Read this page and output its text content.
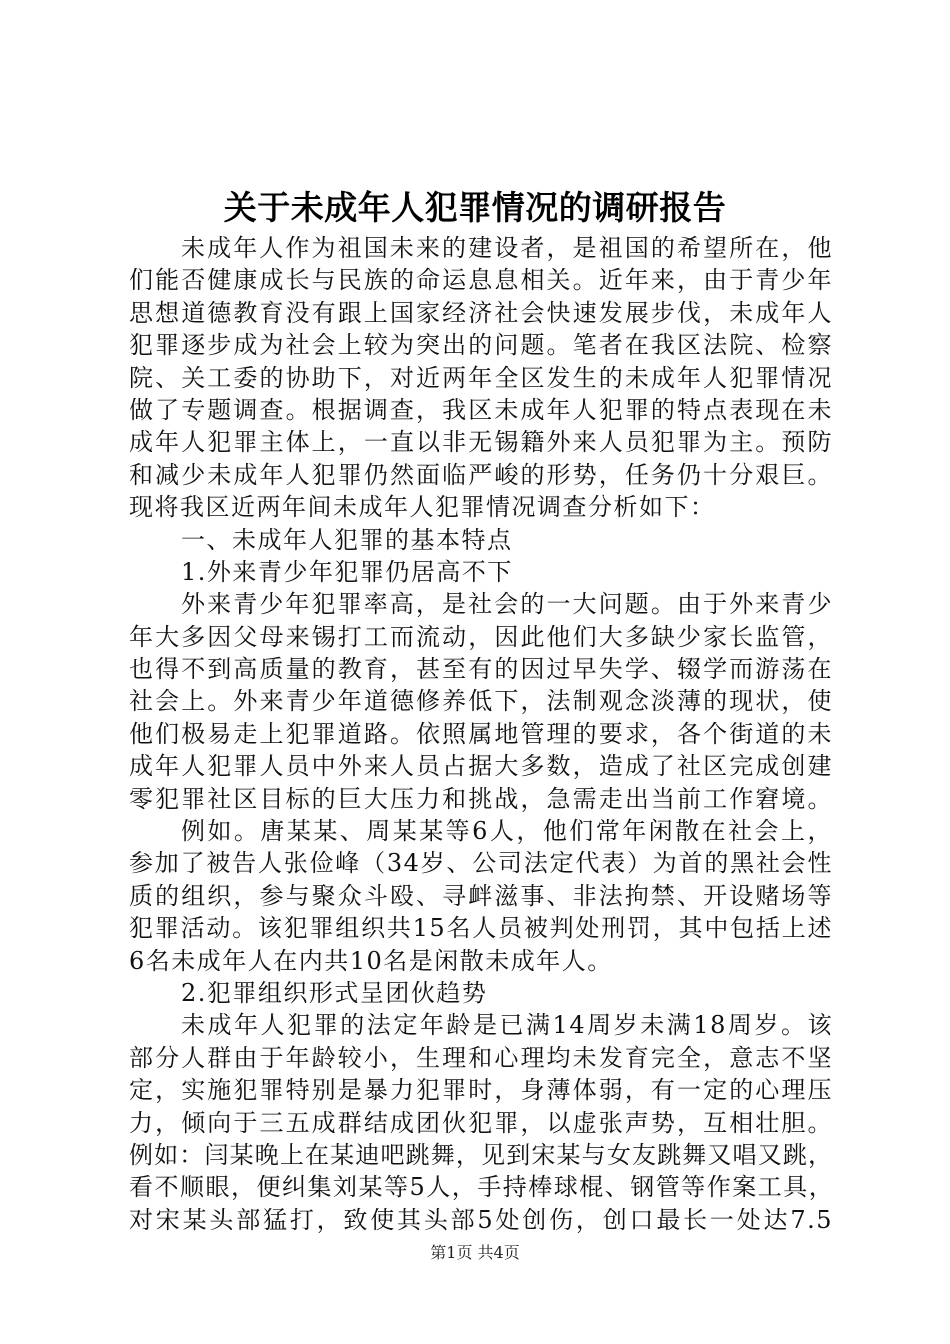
关于未成年人犯罪情况的调研报告
未成年人作为祖国未来的建设者，是祖国的希望所在，他
们能否健康成长与民族的命运息息相关。近年来，由于青少年
思想道德教育没有跟上国家经济社会快速发展步伐，未成年人
犯罪逐步成为社会上较为突出的问题。笔者在我区法院、检察
院、关工委的协助下，对近两年全区发生的未成年人犯罪情况
做了专题调查。根据调查，我区未成年人犯罪的特点表现在未
成年人犯罪主体上，一直以非无锡籍外来人员犯罪为主。预防
和减少未成年人犯罪仍然面临严峻的形势，任务仍十分艰巨。
现将我区近两年间未成年人犯罪情况调查分析如下：
一、未成年人犯罪的基本特点
1.外来青少年犯罪仍居高不下
外来青少年犯罪率高，是社会的一大问题。由于外来青少
年大多因父母来锡打工而流动，因此他们大多缺少家长监管，
也得不到高质量的教育，甚至有的因过早失学、辍学而游荡在
社会上。外来青少年道德修养低下，法制观念淡薄的现状，使
他们极易走上犯罪道路。依照属地管理的要求，各个街道的未
成年人犯罪人员中外来人员占据大多数，造成了社区完成创建
零犯罪社区目标的巨大压力和挑战，急需走出当前工作窘境。
例如。唐某某、周某某等6人，他们常年闲散在社会上，
参加了被告人张俭峰（34岁、公司法定代表）为首的黑社会性
质的组织，参与聚众斗殴、寻衅滋事、非法拘禁、开设赌场等
犯罪活动。该犯罪组织共15名人员被判处刑罚，其中包括上述
6名未成年人在内共10名是闲散未成年人。
2.犯罪组织形式呈团伙趋势
未成年人犯罪的法定年龄是已满14周岁未满18周岁。该
部分人群由于年龄较小，生理和心理均未发育完全，意志不坚
定，实施犯罪特别是暴力犯罪时，身薄体弱，有一定的心理压
力，倾向于三五成群结成团伙犯罪，以虚张声势，互相壮胆。
例如：闫某晚上在某迪吧跳舞，见到宋某与女友跳舞又唱又跳，
看不顺眼，便纠集刘某等5人，手持棒球棍、钢管等作案工具，
对宋某头部猛打，致使其头部5处创伤，创口最长一处达7.5
第1页 共4页
